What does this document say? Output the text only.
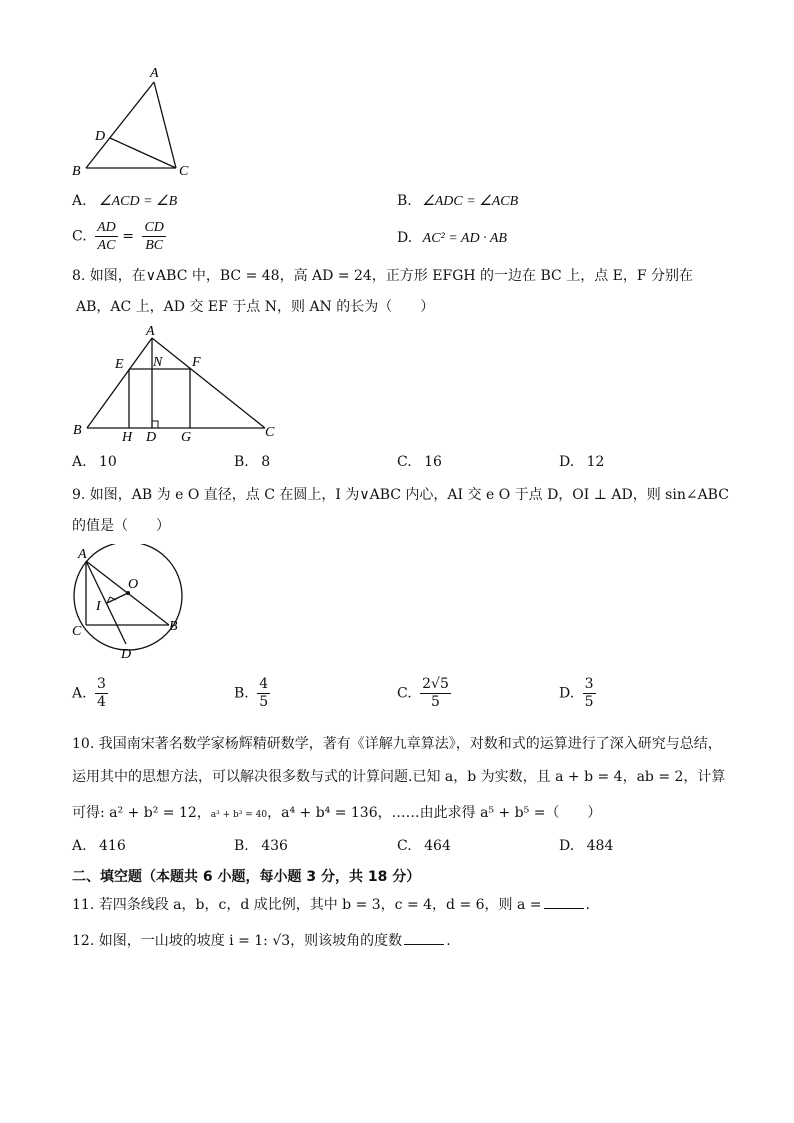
A
D
B	C
A. ∠ACD = ∠B	B. ∠ADC = ∠ACB
C. $\frac{AD}{AC} = \frac{CD}{BC}$	D. AC² = AD · AB
8. 如图，在∨ABC 中，BC = 48，高 AD = 24，正方形 EFGH 的一边在 BC 上，点 E，F 分别在
AB，AC 上，AD 交 EF 于点 N，则 AN 的长为（　　）
A
E N F
B	H D G	C
A. 10	B. 8	C. 16	D. 12
9. 如图，AB 为 e O 直径，点 C 在圆上，I 为∨ABC 内心，AI 交 e O 于点 D，OI ⊥ AD，则 sin∠ABC
的值是（　　）
A
O
I
C	B
D
A. $\frac{3}{4}$	B. $\frac{4}{5}$	C. $\frac{2√5}{5}$	D. $\frac{3}{5}$
10. 我国南宋著名数学家杨辉精研数学，著有《详解九章算法》，对数和式的运算进行了深入研究与总结，
运用其中的思想方法，可以解决很多数与式的计算问题.已知 a，b 为实数，且 a + b = 4，ab = 2，计算
可得: a² + b² = 12，a³ + b³ = 40，a⁴ + b⁴ = 136，……由此求得 a⁵ + b⁵ =（　　）
A. 416	B. 436	C. 464	D. 484
二、填空题（本题共 6 小题，每小题 3 分，共 18 分）
11. 若四条线段 a，b，c，d 成比例，其中 b = 3，c = 4，d = 6，则 a =	.
12. 如图，一山坡的坡度 i = 1: √3，则该坡角的度数	.
